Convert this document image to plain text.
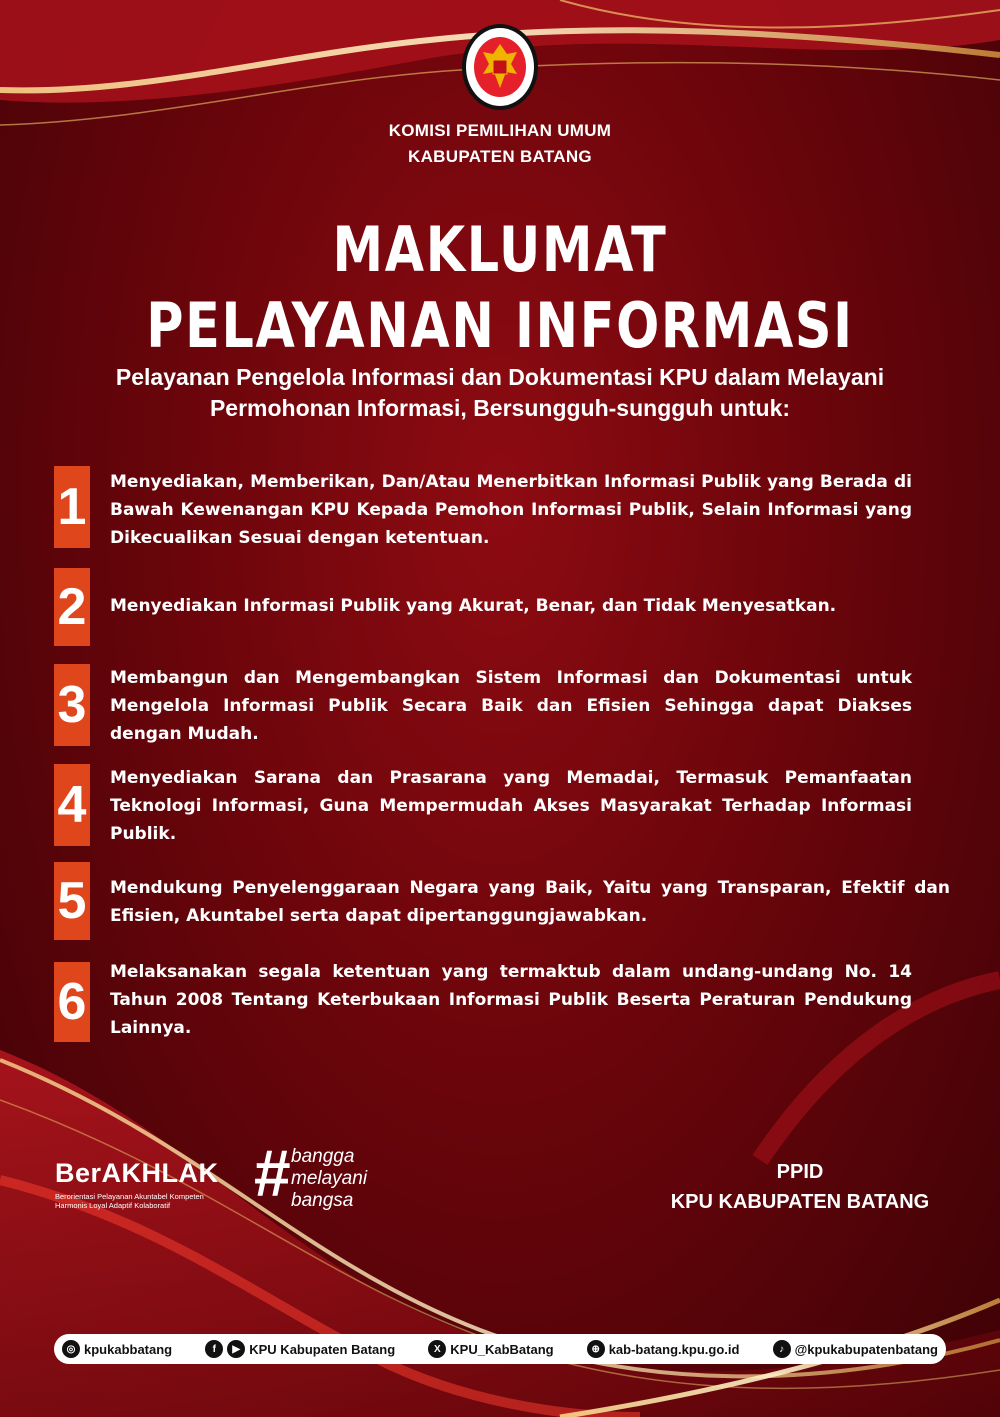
KOMISI PEMILIHAN UMUM
KABUPATEN BATANG
MAKLUMAT
PELAYANAN INFORMASI
Pelayanan Pengelola Informasi dan Dokumentasi KPU dalam Melayani
Permohonan Informasi, Bersungguh-sungguh untuk:
1 Menyediakan, Memberikan, Dan/Atau Menerbitkan Informasi Publik yang Berada di Bawah Kewenangan KPU Kepada Pemohon Informasi Publik, Selain Informasi yang Dikecualikan Sesuai dengan ketentuan.
2 Menyediakan Informasi Publik yang Akurat, Benar, dan Tidak Menyesatkan.
3 Membangun dan Mengembangkan Sistem Informasi dan Dokumentasi untuk Mengelola Informasi Publik Secara Baik dan Efisien Sehingga dapat Diakses dengan Mudah.
4 Menyediakan Sarana dan Prasarana yang Memadai, Termasuk Pemanfaatan Teknologi Informasi, Guna Mempermudah Akses Masyarakat Terhadap Informasi Publik.
5 Mendukung Penyelenggaraan Negara yang Baik, Yaitu yang Transparan, Efektif dan Efisien, Akuntabel serta dapat dipertanggungjawabkan.
6
Melaksanakan segala ketentuan yang termaktub dalam undang-undang No. 14 Tahun 2008 Tentang Keterbukaan Informasi Publik Beserta Peraturan Pendukung Lainnya.
BerAKHLAK
Berorientasi Pelayanan Akuntabel Kompeten
Harmonis Loyal Adaptif Kolaboratif	# bangga
melayani
bangsa
PPID
KPU KABUPATEN BATANG
◎ kpukabbatang	f	▶ KPU Kabupaten Batang	X KPU_KabBatang	⊕ kab-batang.kpu.go.id	♪ @kpukabupatenbatang
